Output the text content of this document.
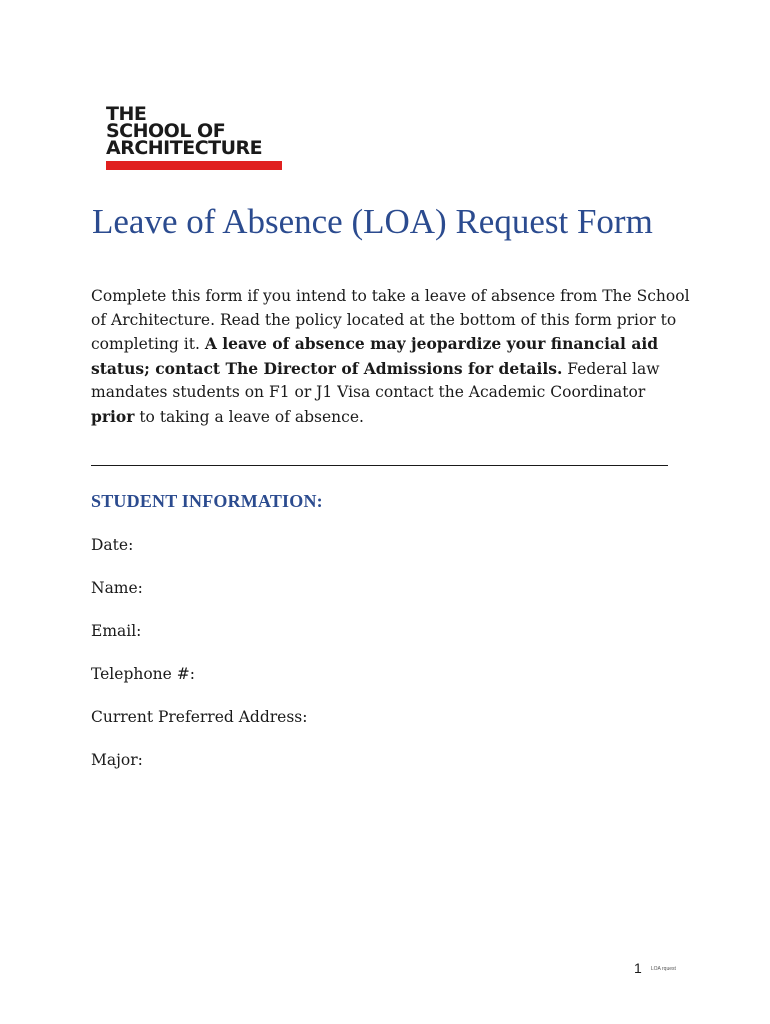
THE
SCHOOL OF
ARCHITECTURE
Leave of Absence (LOA) Request Form

Complete this form if you intend to take a leave of absence from The School of Architecture. Read the policy located at the bottom of this form prior to completing it. A leave of absence may jeopardize your financial aid status; contact The Director of Admissions for details. Federal law mandates students on F1 or J1 Visa contact the Academic Coordinator prior to taking a leave of absence.

STUDENT INFORMATION:
Date:
Name:
Email:
Telephone #:
Current Preferred Address:
Major:
1 LOA rquest
